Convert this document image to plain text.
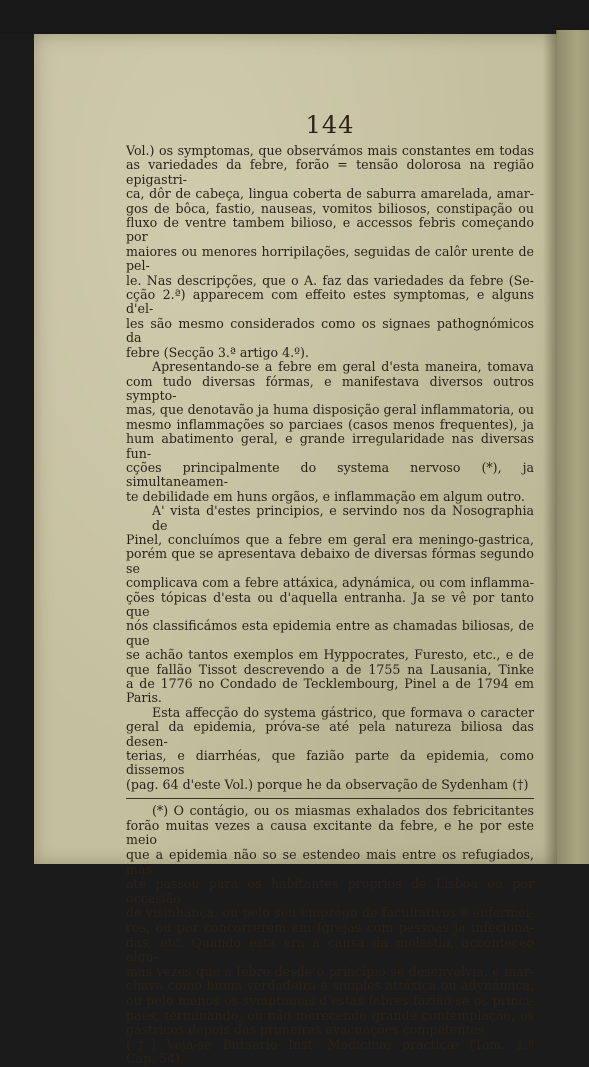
144

Vol.) os symptomas, que observámos mais constantes em todas
as variedades da febre, forão = tensão dolorosa na região epigastri-
ca, dôr de cabeça, lingua coberta de saburra amarelada, amar-
gos de bôca, fastio, nauseas, vomitos biliosos, constipação ou
fluxo de ventre tambem bilioso, e accessos febris começando por
maiores ou menores horripilações, seguidas de calôr urente de pel-
le. Nas descripções, que o A. faz das variedades da febre (Se-
cção 2.ª) apparecem com effeito estes symptomas, e alguns d'el-
les são mesmo considerados como os signaes pathognómicos da
febre (Secção 3.ª artigo 4.º).

Apresentando-se a febre em geral d'esta maneira, tomava
com tudo diversas fórmas, e manifestava diversos outros sympto-
mas, que denotavão ja huma disposição geral inflammatoria, ou
mesmo inflammações so parciaes (casos menos frequentes), ja
hum abatimento geral, e grande irregularidade nas diversas fun-
cções principalmente do systema nervoso (*), ja simultaneamen-
te debilidade em huns orgãos, e inflammação em algum outro.

A' vista d'estes principios, e servindo nos da Nosographia de
Pinel, concluímos que a febre em geral era meningo-gastrica,
porém que se apresentava debaixo de diversas fórmas segundo se
complicava com a febre attáxica, adynámica, ou com inflamma-
ções tópicas d'esta ou d'aquella entranha. Ja se vê por tanto que
nós classificámos esta epidemia entre as chamadas biliosas, de que
se achão tantos exemplos em Hyppocrates, Furesto, etc., e de
que fallão Tissot descrevendo a de 1755 na Lausania, Tinke
a de 1776 no Condado de Tecklembourg, Pinel a de 1794 em
Paris.

Esta affecção do systema gástrico, que formava o caracter
geral da epidemia, próva-se até pela natureza biliosa das desen-
terias, e diarrhéas, que fazião parte da epidemia, como dissemos
(pag. 64 d'este Vol.) porque he da observação de Sydenham (†)

(*) O contágio, ou os miasmas exhalados dos febricitantes
forão muitas vezes a causa excitante da febre, e he por este meio
que a epidemia não so se estendeo mais entre os refugiados, mas
até passou para os habitantes proprios de Lisboa ou por occasião
de visinhança, ou pelo seu emprégo de facultativos e enfermei-
ros, ou por concorrerem em Igrejas com pessoas ja infeciona-
das, etc. Quando esta era a causa da molestia, acconteceo algu-
mas vezes que a febre desde o princípio se desenvolvia, e mar-
chava como huma verdadeira e simples attáxica ou adynámica,
ou pelo menos os symptomas d'estas febres fazião-se os princi-
paes, terminando, ou não merecendo grande contemplação, os
gástricos depois das primeiras evacuações competentes.

(†) Veja-se Burserio Inst. Medicinæ practicæ (Tom. 1.º
Cap. 54).
